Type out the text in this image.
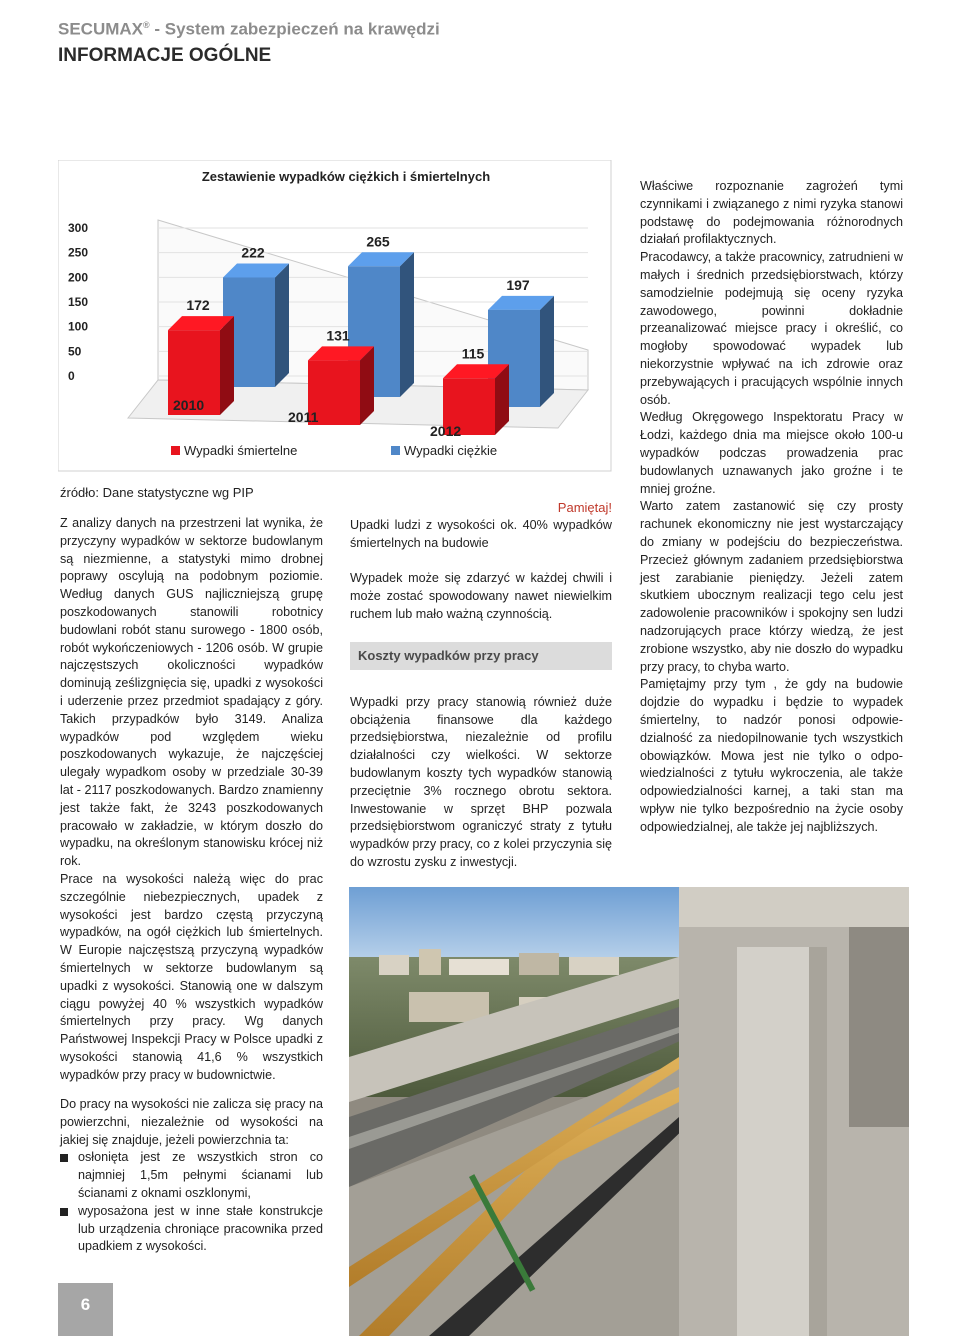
SECUMAX® - System zabezpieczeń na krawędzi
INFORMACJE OGÓLNE
Zestawienie wypadków ciężkich i śmiertelnych
300
250
200
150
100
50
0
222
172
2010
265
131
2011
197
115
2012
Wypadki śmiertelne	Wypadki ciężkie
źródło: Dane statystyczne wg PIP

Z analizy danych na przestrzeni lat wynika, że przyczyny wypadków w sektorze budowlanym są niezmienne, a statystyki mimo drobnej poprawy oscylują na podobnym poziomie. Według danych GUS najliczniejszą grupę poszkodowanych stanowili robotnicy budowlani robót stanu surowego - 1800 osób, robót wykończeniowych - 1206 osób. W grupie najczęstszych okoliczności wypadków dominują ześlizgnięcia się, upadki z wysokości i uderzenie przez przedmiot spadający z góry. Takich przypadków było 3149. Analiza wypadków pod względem wieku poszkodowanych wykazuje, że najczęściej ulegały wypadkom osoby w przedziale 30-39 lat - 2117 poszkodowanych. Bardzo znamienny jest także fakt, że 3243 poszkodowanych pracowało w zakładzie, w którym doszło do wypadku, na określonym stanowisku krócej niż rok.

Prace na wysokości należą więc do prac szczególnie niebezpiecznych, upadek z wysokości jest bardzo częstą przyczyną wypadków, na ogół ciężkich lub śmiertelnych. W Europie najczęstszą przyczyną wypadków śmiertelnych w sektorze budowlanym są upadki z wysokości. Stanowią one w dalszym ciągu powyżej 40 % wszystkich wypadków śmiertelnych przy pracy. Wg danych Państwowej Inspekcji Pracy w Polsce upadki z wysokości stanowią 41,6 % wszystkich wypadków przy pracy w budownictwie.

Do pracy na wysokości nie zalicza się pracy na powierzchni, niezależnie od wysokości na jakiej się znajduje, jeżeli powierzchnia ta:

osłonięta jest ze wszystkich stron co najmniej 1,5m pełnymi ścianami lub ścianami z oknami oszklonymi,
wyposażona jest w inne stałe konstrukcje lub urządzenia chroniące pracownika przed upadkiem z wysokości.

Pamiętaj!

Upadki ludzi z wysokości ok. 40% wypadków śmiertelnych na budowie

Wypadek może się zdarzyć w każdej chwili i może zostać spowodowany nawet niewielkim ruchem lub mało ważną czynnością.

Koszty wypadków przy pracy

Wypadki przy pracy stanowią również duże obciążenia finansowe dla każdego przedsiębiorstwa, niezależnie od profilu działalności czy wielkości. W sektorze budowlanym koszty tych wypadków stanowią przeciętnie 3% rocznego obrotu sektora. Inwestowanie w sprzęt BHP pozwala przedsiębiorstwom ograniczyć straty z tytułu wypadków przy pracy, co z kolei przyczynia się do wzrostu zysku z inwestycji.

Właściwe rozpoznanie zagrożeń tymi czynnikami i związanego z nimi ryzyka stanowi podstawę do podejmowania różnorodnych działań profilaktycznych.

Pracodawcy, a także pracownicy, zatrudnieni w małych i średnich przedsiębiorstwach, którzy samodzielnie podejmują się oceny ryzyka zawodowego, powinni dokładnie przeanalizować miejsce pracy i określić, co mogłoby spowodować wypadek lub niekorzystnie wpływać na ich zdrowie oraz przebywających i pracujących wspólnie innych osób.

Według Okręgowego Inspektoratu Pracy w Łodzi, każdego dnia ma miejsce około 100-u wypadków podczas prowadzenia prac budowlanych uznawanych jako groźne i te mniej groźne.

Warto zatem zastanowić się czy prosty rachunek ekonomiczny nie jest wystarczający do zmiany w podejściu do bezpieczeństwa. Przecież głównym zadaniem przedsiębiorstwa jest zarabianie pieniędzy. Jeżeli zatem skutkiem ubocznym realizacji tego celu jest zadowolenie pracowników i spokojny sen ludzi nadzorujących prace którzy wiedzą, że jest zrobione wszystko, aby nie doszło do wypadku przy pracy, to chyba warto.

Pamiętajmy przy tym , że gdy na budowie dojdzie do wypadku i będzie to wypadek śmiertelny, to nadzór ponosi odpowie-dzialność za niedopilnowanie tych wszystkich obowiązków. Mowa jest nie tylko o odpo-wiedzialności z tytułu wykroczenia, ale także odpowiedzialności karnej, a taki stan ma wpływ nie tylko bezpośrednio na życie osoby odpowiedzialnej, ale także jej najbliższych.

6
